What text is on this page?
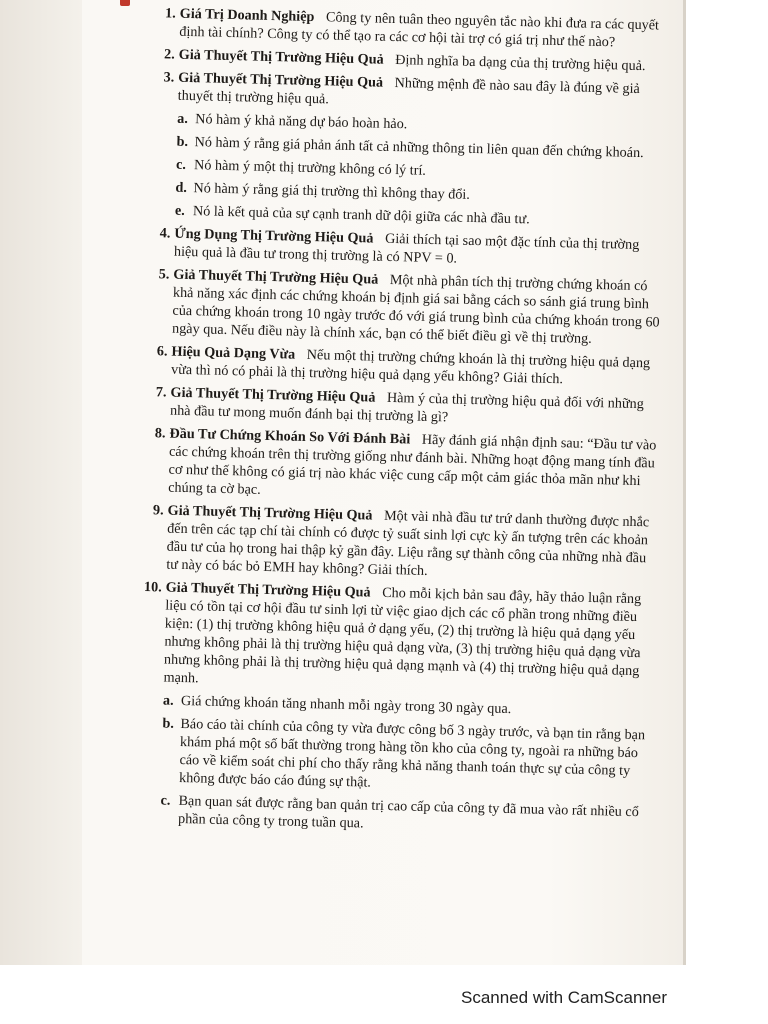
1. Giá Trị Doanh Nghiệp Công ty nên tuân theo nguyên tắc nào khi đưa ra các quyết định tài chính? Công ty có thể tạo ra các cơ hội tài trợ có giá trị như thế nào?
2. Giả Thuyết Thị Trường Hiệu Quả Định nghĩa ba dạng của thị trường hiệu quả.
3. Giả Thuyết Thị Trường Hiệu Quả Những mệnh đề nào sau đây là đúng về giả thuyết thị trường hiệu quả.
a. Nó hàm ý khả năng dự báo hoàn hảo.
b. Nó hàm ý rằng giá phản ánh tất cả những thông tin liên quan đến chứng khoán.
c. Nó hàm ý một thị trường không có lý trí.
d. Nó hàm ý rằng giá thị trường thì không thay đổi.
e. Nó là kết quả của sự cạnh tranh dữ dội giữa các nhà đầu tư.
4. Ứng Dụng Thị Trường Hiệu Quả Giải thích tại sao một đặc tính của thị trường hiệu quả là đầu tư trong thị trường là có NPV = 0.
5. Giả Thuyết Thị Trường Hiệu Quả Một nhà phân tích thị trường chứng khoán có khả năng xác định các chứng khoán bị định giá sai bằng cách so sánh giá trung bình của chứng khoán trong 10 ngày trước đó với giá trung bình của chứng khoán trong 60 ngày qua. Nếu điều này là chính xác, bạn có thể biết điều gì về thị trường.
6. Hiệu Quả Dạng Vừa Nếu một thị trường chứng khoán là thị trường hiệu quả dạng vừa thì nó có phải là thị trường hiệu quả dạng yếu không? Giải thích.
7. Giả Thuyết Thị Trường Hiệu Quả Hàm ý của thị trường hiệu quả đối với những nhà đầu tư mong muốn đánh bại thị trường là gì?
8. Đầu Tư Chứng Khoán So Với Đánh Bài Hãy đánh giá nhận định sau: “Đầu tư vào các chứng khoán trên thị trường giống như đánh bài. Những hoạt động mang tính đầu cơ như thế không có giá trị nào khác việc cung cấp một cảm giác thỏa mãn như khi chúng ta cờ bạc.
9. Giả Thuyết Thị Trường Hiệu Quả Một vài nhà đầu tư trứ danh thường được nhắc đến trên các tạp chí tài chính có được tỷ suất sinh lợi cực kỳ ấn tượng trên các khoản đầu tư của họ trong hai thập kỷ gần đây. Liệu rằng sự thành công của những nhà đầu tư này có bác bỏ EMH hay không? Giải thích.
10. Giả Thuyết Thị Trường Hiệu Quả Cho mỗi kịch bản sau đây, hãy thảo luận rằng liệu có tồn tại cơ hội đầu tư sinh lợi từ việc giao dịch các cổ phần trong những điều kiện: (1) thị trường không hiệu quả ở dạng yếu, (2) thị trường là hiệu quả dạng yếu nhưng không phải là thị trường hiệu quả dạng vừa, (3) thị trường hiệu quả dạng vừa nhưng không phải là thị trường hiệu quả dạng mạnh và (4) thị trường hiệu quả dạng mạnh.
a. Giá chứng khoán tăng nhanh mỗi ngày trong 30 ngày qua.
b. Báo cáo tài chính của công ty vừa được công bố 3 ngày trước, và bạn tin rằng bạn khám phá một số bất thường trong hàng tồn kho của công ty, ngoài ra những báo cáo về kiểm soát chi phí cho thấy rằng khả năng thanh toán thực sự của công ty không được báo cáo đúng sự thật.
c. Bạn quan sát được rằng ban quản trị cao cấp của công ty đã mua vào rất nhiều cổ phần của công ty trong tuần qua.
Scanned with CamScanner
